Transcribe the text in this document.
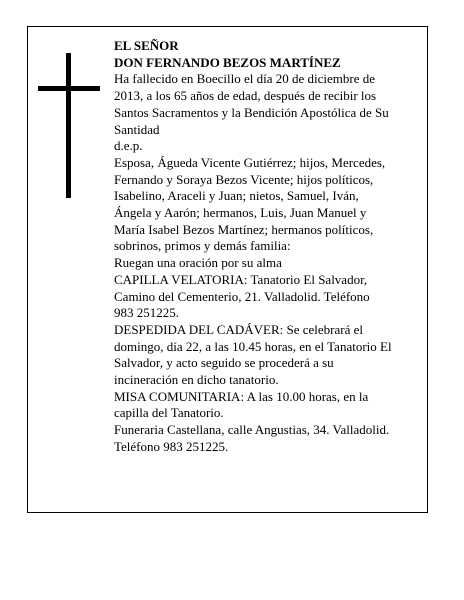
EL SEÑOR

DON FERNANDO BEZOS MARTÍNEZ

Ha fallecido en Boecillo el día 20 de diciembre de 2013, a los 65 años de edad, después de recibir los Santos Sacramentos y la Bendición Apostólica de Su Santidad

d.e.p.

Esposa, Águeda Vicente Gutiérrez; hijos, Mercedes, Fernando y Soraya Bezos Vicente; hijos políticos, Isabelino, Araceli y Juan; nietos, Samuel, Iván, Ángela y Aarón; hermanos, Luis, Juan Manuel y María Isabel Bezos Martínez; hermanos políticos, sobrinos, primos y demás familia:

Ruegan una oración por su alma

CAPILLA VELATORIA: Tanatorio El Salvador, Camino del Cementerio, 21. Valladolid. Teléfono 983 251225.

DESPEDIDA DEL CADÁVER: Se celebrará el domingo, día 22, a las 10.45 horas, en el Tanatorio El Salvador, y acto seguido se procederá a su incineración en dicho tanatorio.

MISA COMUNITARIA: A las 10.00 horas, en la capilla del Tanatorio.

Funeraria Castellana, calle Angustias, 34. Valladolid. Teléfono 983 251225.
